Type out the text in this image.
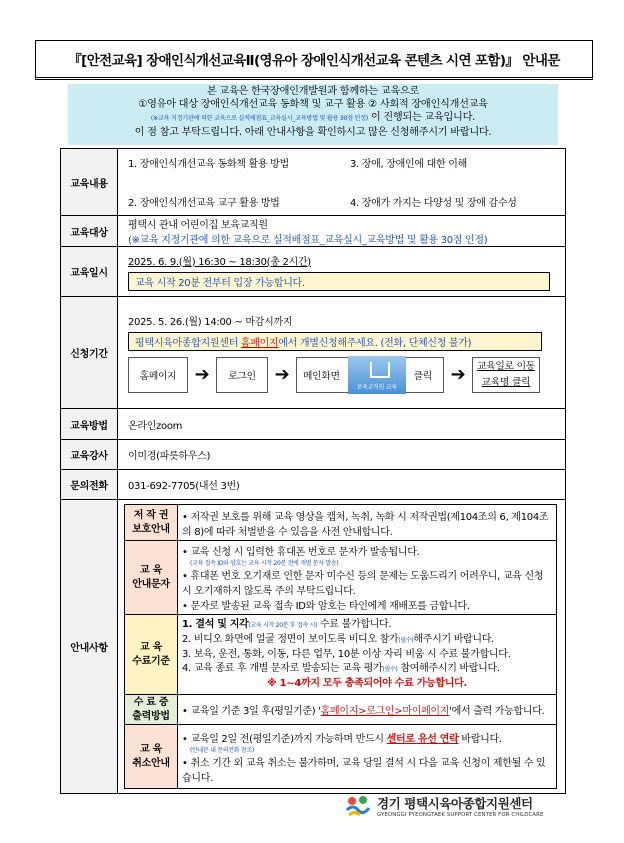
『[안전교육] 장애인식개선교육Ⅱ(영유아 장애인식개선교육 콘텐츠 시연 포함)』 안내문
본 교육은 한국장애인개발원과 함께하는 교육으로
①영유아 대상 장애인식개선교육 동화책 및 교구 활용 ② 사회적 장애인식개선교육
(※교육 지정기관에 의한 교육으로 실적배점표_교육실시_교육방법 및 활용 30점 인정) 이 진행되는 교육입니다.
이 점 참고 부탁드립니다. 아래 안내사항을 확인하시고 많은 신청해주시기 바랍니다.
교육내용	
1. 장애인식개선교육 동화책 활용 방법	3. 장애, 장애인에 대한 이해
2. 장애인식개선교육 교구 활용 방법	4. 장애가 가지는 다양성 및 장애 감수성

교육대상	
평택시 관내 어린이집 보육교직원
(※교육 지정기관에 의한 교육으로 실적배점표_교육실시_교육방법 및 활용 30점 인정)

교육일시	
2025. 6. 9.(월) 16:30 ~ 18:30(총 2시간)
교육 시작 20분 전부터 입장 가능합니다.
신청기간	
2025. 5. 26.(월) 14:00 ~ 마감시까지
평택시육아종합지원센터 홈페이지에서 개별신청해주세요. (전화, 단체신청 불가)
홈페이지	➔	로그인	➔ 메인화면
보육교직원 교육
클릭 ➔ 교육일로 이동
교육명 클릭

교육방법	온라인zoom
교육강사	이미경(파릇하우스)
문의전화	031-692-7705(내선 3번)
안내사항	
저 작 권
보호안내	• 저작권 보호를 위해 교육 영상을 캡처, 녹취, 녹화 시 저작권법(제104조의 6, 제104조의 8)에 따라 처벌받을 수 있음을 사전 안내합니다.
교 육
안내문자	
• 교육 신청 시 입력한 휴대폰 번호로 문자가 발송됩니다.
(교육 접속 ID와 암호는 교육 시작 20분 전에 개별 문자 발송)
• 휴대폰 번호 오기재로 인한 문자 미수신 등의 문제는 도움드리기 어려우니, 교육 신청 시 오기재하지 않도록 주의 부탁드립니다.
• 문자로 발송된 교육 접속 ID와 암호는 타인에게 재배포를 금합니다.

교 육
수료기준	
1. 결석 및 지각(교육 시작 20분 후 접속 시) 수료 불가합니다.
2. 비디오 화면에 얼굴 정면이 보이도록 비디오 참가(필수)해주시기 바랍니다.
3. 보육, 운전, 통화, 이동, 다른 업무, 10분 이상 자리 비움 시 수료 불가합니다.
4. 교육 종료 후 개별 문자로 발송되는 교육 평가(필수) 참여해주시기 바랍니다.
※ 1~4까지 모두 충족되어야 수료 가능합니다.

수 료 증
출력방법	• 교육일 기준 3일 후(평일기준) '홈페이지>로그인>마이페이지'에서 출력 가능합니다.
교 육
취소안내	
• 교육일 2일 전(평일기준)까지 가능하며 반드시 센터로 유선 연락 바랍니다.
(안내문 내 문의전화 참조)
• 취소 기간 외 교육 취소는 불가하며, 교육 당일 결석 시 다음 교육 신청이 제한될 수 있습니다.
경기 평택시육아종합지원센터
GYEONGGI PYEONGTAEK SUPPORT CENTER FOR CHILDCARE
